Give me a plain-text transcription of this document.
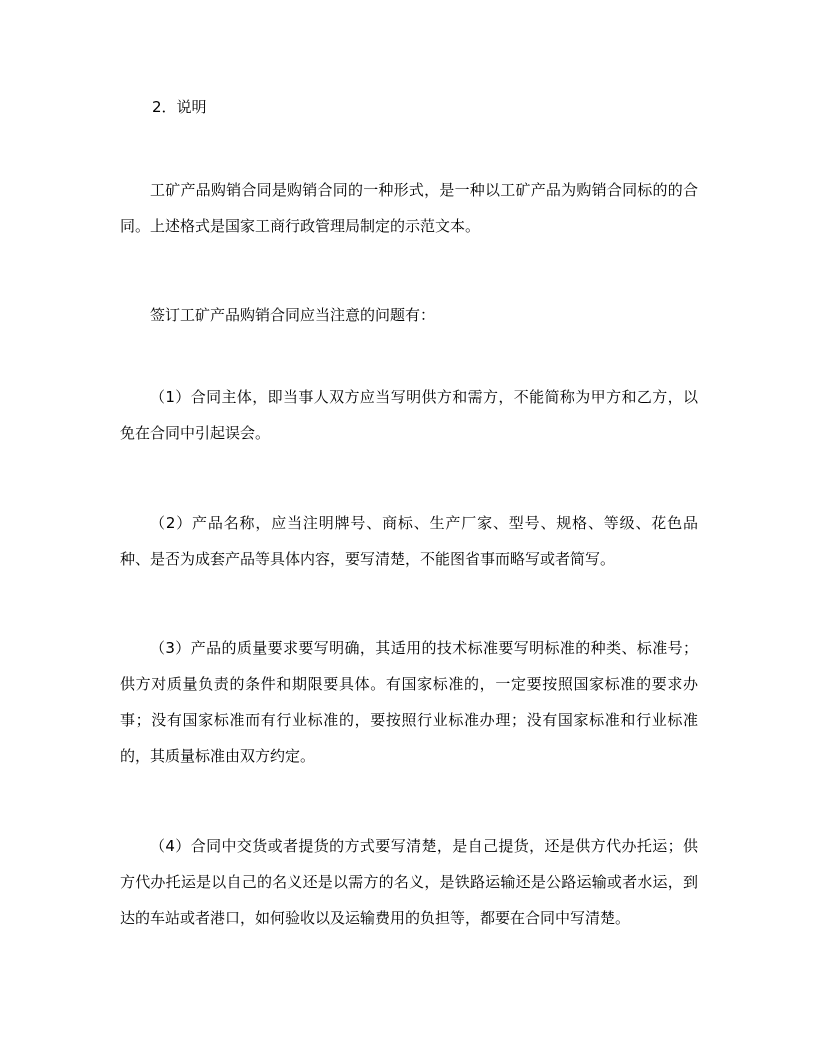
2．说明

工矿产品购销合同是购销合同的一种形式，是一种以工矿产品为购销合同标的的合同。上述格式是国家工商行政管理局制定的示范文本。

签订工矿产品购销合同应当注意的问题有：

（1）合同主体，即当事人双方应当写明供方和需方，不能简称为甲方和乙方，以免在合同中引起误会。

（2）产品名称，应当注明牌号、商标、生产厂家、型号、规格、等级、花色品种、是否为成套产品等具体内容，要写清楚，不能图省事而略写或者简写。

（3）产品的质量要求要写明确，其适用的技术标准要写明标准的种类、标准号；供方对质量负责的条件和期限要具体。有国家标准的，一定要按照国家标准的要求办事；没有国家标准而有行业标准的，要按照行业标准办理；没有国家标准和行业标准的，其质量标准由双方约定。

（4）合同中交货或者提货的方式要写清楚，是自己提货，还是供方代办托运；供方代办托运是以自己的名义还是以需方的名义，是铁路运输还是公路运输或者水运，到达的车站或者港口，如何验收以及运输费用的负担等，都要在合同中写清楚。
